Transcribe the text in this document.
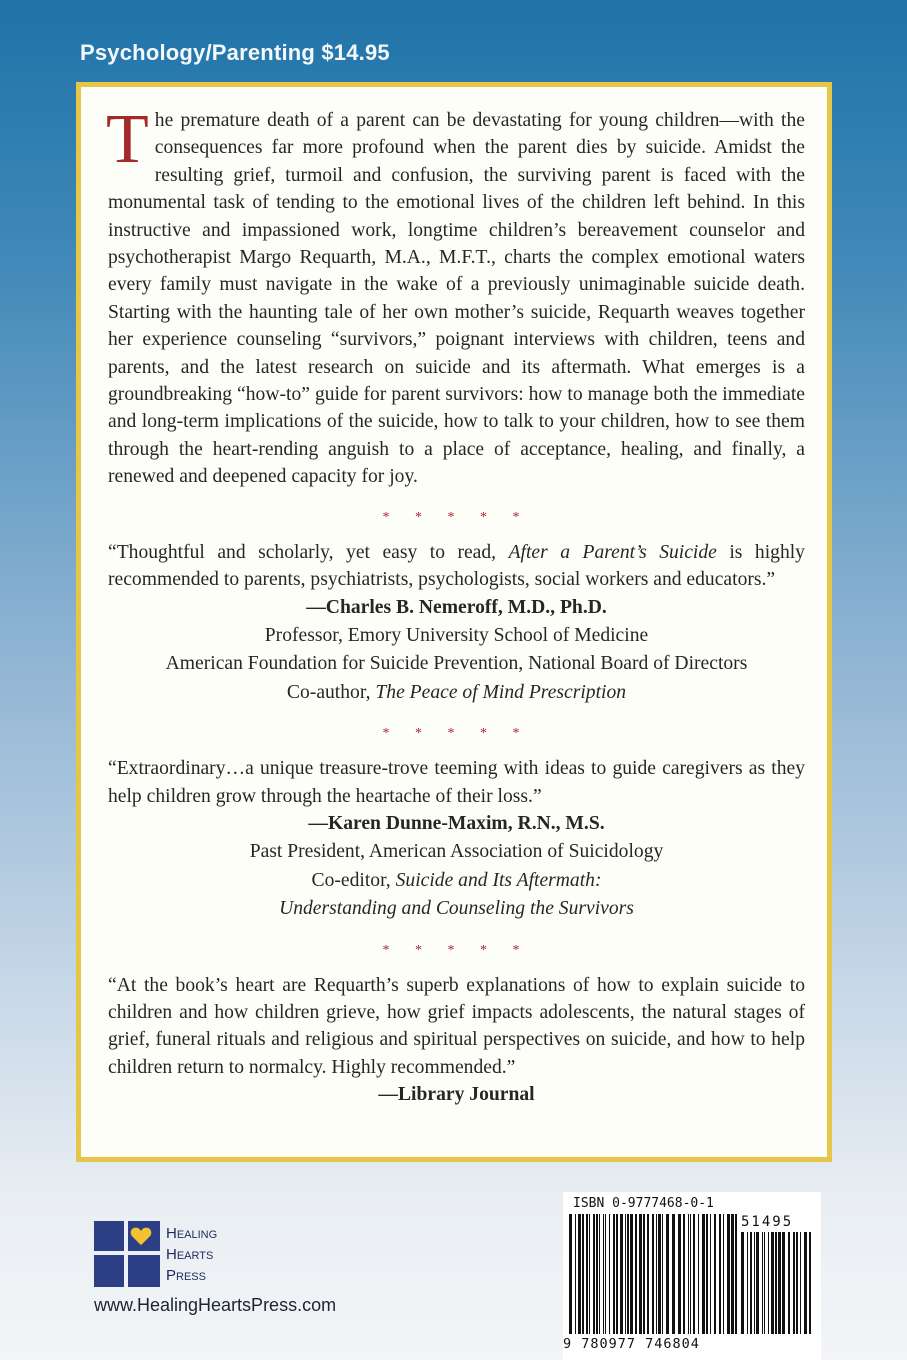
Psychology/Parenting $14.95

The premature death of a parent can be devastating for young children—with the consequences far more profound when the parent dies by suicide. Amidst the resulting grief, turmoil and confusion, the surviving parent is faced with the monumental task of tending to the emotional lives of the children left behind. In this instructive and impassioned work, longtime children’s bereavement counselor and psychotherapist Margo Requarth, M.A., M.F.T., charts the complex emotional waters every family must navigate in the wake of a previously unimaginable suicide death. Starting with the haunting tale of her own mother’s suicide, Requarth weaves together her experience counseling “survivors,” poignant interviews with children, teens and parents, and the latest research on suicide and its aftermath. What emerges is a groundbreaking “how-to” guide for parent survivors: how to manage both the immediate and long-term implications of the suicide, how to talk to your children, how to see them through the heart-rending anguish to a place of acceptance, healing, and finally, a renewed and deepened capacity for joy.

* * * * *

“Thoughtful and scholarly, yet easy to read, After a Parent’s Suicide is highly recommended to parents, psychiatrists, psychologists, social workers and educators.”

—Charles B. Nemeroff, M.D., Ph.D.

Professor, Emory University School of Medicine

American Foundation for Suicide Prevention, National Board of Directors

Co-author, The Peace of Mind Prescription

* * * * *

“Extraordinary…a unique treasure-trove teeming with ideas to guide caregivers as they help children grow through the heartache of their loss.”

—Karen Dunne-Maxim, R.N., M.S.

Past President, American Association of Suicidology

Co-editor, Suicide and Its Aftermath:

Understanding and Counseling the Survivors

* * * * *

“At the book’s heart are Requarth’s superb explanations of how to explain suicide to children and how children grieve, how grief impacts adolescents, the natural stages of grief, funeral rituals and religious and spiritual perspectives on suicide, and how to help children return to normalcy. Highly recommended.”

—Library Journal

Healing
Hearts
Press
www.HealingHeartsPress.com
ISBN 0-9777468-0-1
51495
9 780977 746804
